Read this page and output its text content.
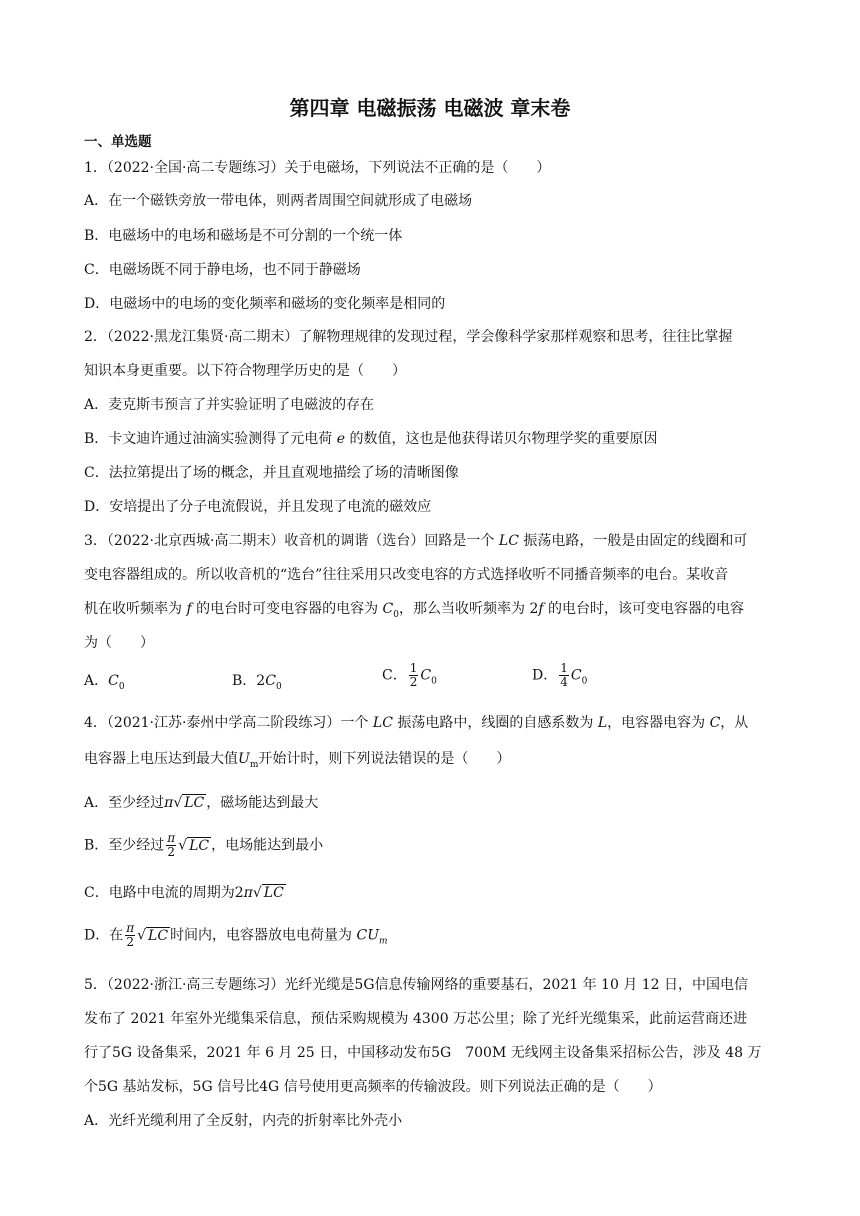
第四章 电磁振荡 电磁波 章末卷
一、单选题
1．（2022·全国·高二专题练习）关于电磁场，下列说法不正确的是（　　）
A．在一个磁铁旁放一带电体，则两者周围空间就形成了电磁场
B．电磁场中的电场和磁场是不可分割的一个统一体
C．电磁场既不同于静电场，也不同于静磁场
D．电磁场中的电场的变化频率和磁场的变化频率是相同的
2．（2022·黑龙江集贤·高二期末）了解物理规律的发现过程，学会像科学家那样观察和思考，往往比掌握
知识本身更重要。以下符合物理学历史的是（　　）
A．麦克斯韦预言了并实验证明了电磁波的存在
B．卡文迪许通过油滴实验测得了元电荷 e 的数值，这也是他获得诺贝尔物理学奖的重要原因
C．法拉第提出了场的概念，并且直观地描绘了场的清晰图像
D．安培提出了分子电流假说，并且发现了电流的磁效应
3．（2022·北京西城·高二期末）收音机的调谐（选台）回路是一个 LC 振荡电路，一般是由固定的线圈和可
变电容器组成的。所以收音机的“选台”往往采用只改变电容的方式选择收听不同播音频率的电台。某收音
机在收听频率为 f 的电台时可变电容器的电容为 $C_0$，那么当收听频率为 2f 的电台时，该可变电容器的电容
为（　　）
A．$C_0$	B．$2C_0$
C． $\frac{1}{2} C_0$	D． $\frac{1}{4} C_0$
4．（2021·江苏·泰州中学高二阶段练习）一个 LC 振荡电路中，线圈的自感系数为 L，电容器电容为 C，从
电容器上电压达到最大值$U_m$开始计时，则下列说法错误的是（　　）
A．至少经过π√ LC ，磁场能达到最大
B．至少经过 $\frac{\pi}{2}$ √ LC ，电场能达到最小
C．电路中电流的周期为2π√ LC
D．在 $\frac{\pi}{2}$ √ LC 时间内，电容器放电电荷量为 $CU_m$
5．（2022·浙江·高三专题练习）光纤光缆是5G信息传输网络的重要基石，2021 年 10 月 12 日，中国电信
发布了 2021 年室外光缆集采信息，预估采购规模为 4300 万芯公里；除了光纤光缆集采，此前运营商还进
行了5G 设备集采，2021 年 6 月 25 日，中国移动发布5G　700M 无线网主设备集采招标公告，涉及 48 万
个5G 基站发标，5G 信号比4G 信号使用更高频率的传输波段。则下列说法正确的是（　　）
A．光纤光缆利用了全反射，内壳的折射率比外壳小
